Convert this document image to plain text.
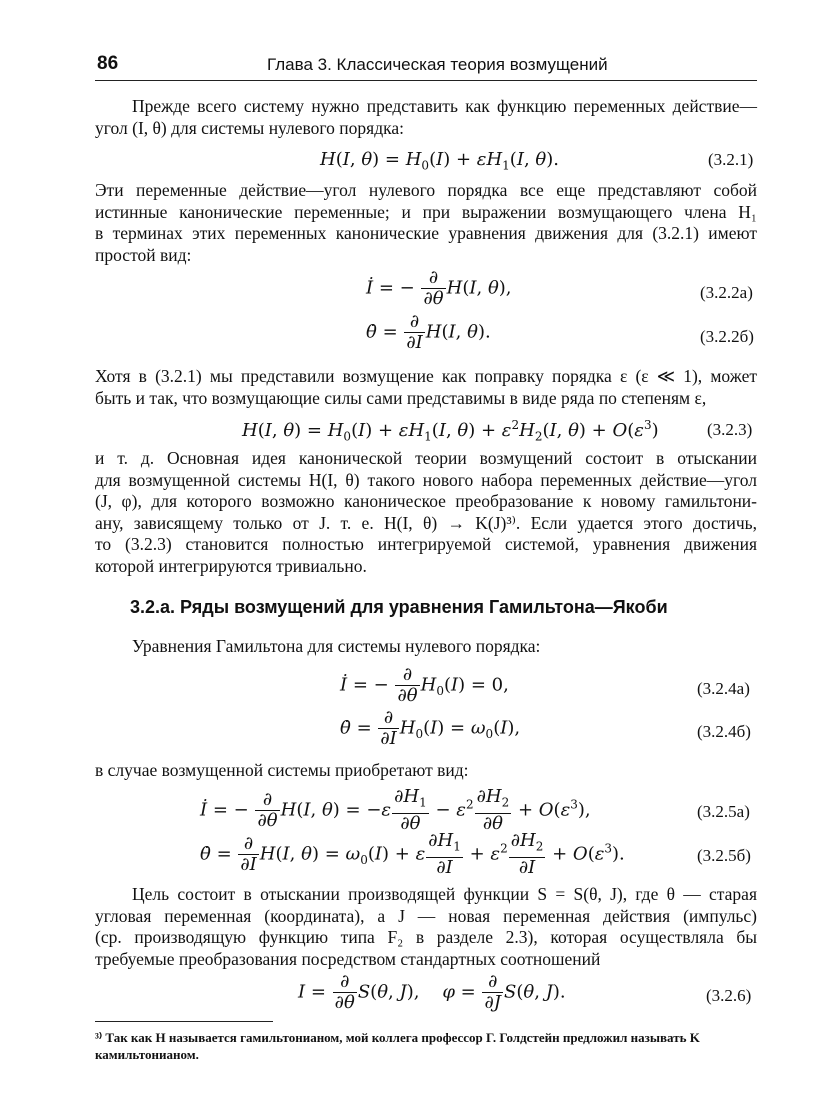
86	Глава 3. Классическая теория возмущений
Прежде всего систему нужно представить как функцию переменных действие—
угол (I, θ) для системы нулевого порядка:
H(I, $\theta) = H_0(I) + \varepsilon H_1(I$, θ).	(3.2.1)
Эти переменные действие—угол нулевого порядка все еще представляют собой
истинные канонические переменные; и при выражении возмущающего члена H₁
в терминах этих переменных канонические уравнения движения для (3.2.1) имеют
простой вид:
İ = − $\frac{\partial}{\partial\theta} H(I$, θ),	(3.2.2а)
θ̇ = $\frac{\partial}{\partial I} H(I$, θ).	(3.2.2б)
Хотя в (3.2.1) мы представили возмущение как поправку порядка ε (ε ≪ 1), может
быть и так, что возмущающие силы сами представимы в виде ряда по степеням ε,
H(I, $\theta) = H_0(I) + \varepsilon H_1(I$, $\theta) + \varepsilon^2H_2(I$, $\theta) + O(\varepsilon^3)$	(3.2.3)
и т. д. Основная идея канонической теории возмущений состоит в отыскании
для возмущенной системы H(I, θ) такого нового набора переменных действие—угол
(J, φ), для которого возможно каноническое преобразование к новому гамильтони-
ану, зависящему только от J. т. е. H(I, θ) → K(J)³⁾. Если удается этого достичь,
то (3.2.3) становится полностью интегрируемой системой, уравнения движения
которой интегрируются тривиально.
3.2.a. Ряды возмущений для уравнения Гамильтона—Якоби
Уравнения Гамильтона для системы нулевого порядка:
İ = − $\frac{\partial}{\partial\theta} H_0(I) = 0$,	(3.2.4а)
θ̇ = $\frac{\partial}{\partial I} H_0(I) = \omega_0(I)$,	(3.2.4б)
в случае возмущенной системы приобретают вид:
İ = − $\frac{\partial}{\partial\theta} H(I$, $\theta) = -\varepsilon \frac{\partial H_1}{\partial\theta} - \varepsilon^2 \frac{\partial H_2}{\partial\theta} + O(\varepsilon^3)$,	(3.2.5а)
θ̇ = $\frac{\partial}{\partial I} H(I$, $\theta) = \omega_0(I) + \varepsilon \frac{\partial H_1}{\partial I} + \varepsilon^2 \frac{\partial H_2}{\partial I} + O(\varepsilon^3)$.	(3.2.5б)
Цель состоит в отыскании производящей функции S = S(θ, J), где θ — старая
угловая переменная (координата), а J — новая переменная действия (импульс)
(ср. производящую функцию типа F₂ в разделе 2.3), которая осуществляла бы
требуемые преобразования посредством стандартных соотношений
$I = \frac{\partial}{\partial\theta} S(\theta$, J),    $\varphi = \frac{\partial}{\partial J} S(\theta$, J).	(3.2.6)
³⁾ Так как H называется гамильтонианом, мой коллега профессор Г. Голдстейн предложил называть K камильтонианом.
